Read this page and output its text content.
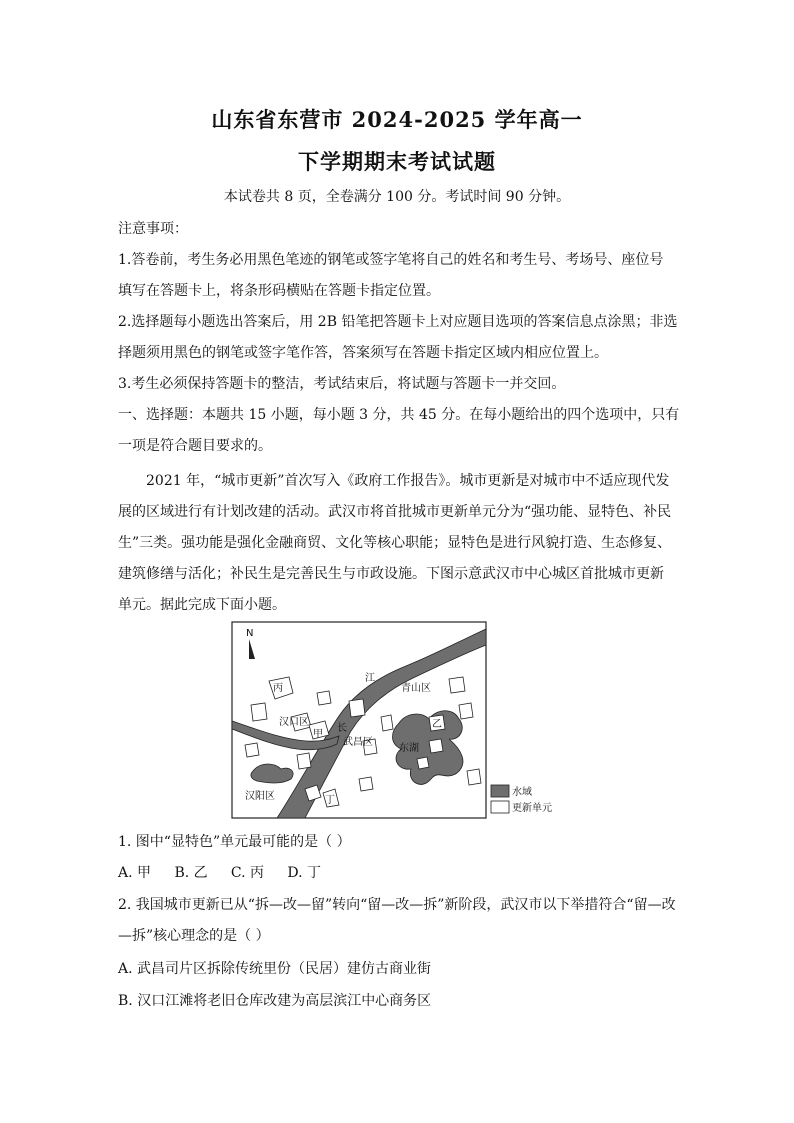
山东省东营市 2024-2025 学年高一
下学期期末考试试题
本试卷共 8 页，全卷满分 100 分。考试时间 90 分钟。
注意事项：
1.答卷前，考生务必用黑色笔迹的钢笔或签字笔将自己的姓名和考生号、考场号、座位号
填写在答题卡上，将条形码横贴在答题卡指定位置。
2.选择题每小题选出答案后，用 2B 铅笔把答题卡上对应题目选项的答案信息点涂黑；非选
择题须用黑色的钢笔或签字笔作答，答案须写在答题卡指定区域内相应位置上。
3.考生必须保持答题卡的整洁，考试结束后，将试题与答题卡一并交回。
一、选择题：本题共 15 小题，每小题 3 分，共 45 分。在每小题给出的四个选项中，只有
一项是符合题目要求的。
2021 年，“城市更新”首次写入《政府工作报告》。城市更新是对城市中不适应现代发
展的区域进行有计划改建的活动。武汉市将首批城市更新单元分为“强功能、显特色、补民
生”三类。强功能是强化金融商贸、文化等核心职能；显特色是进行风貌打造、生态修复、
建筑修缮与活化；补民生是完善民生与市政设施。下图示意武汉市中心城区首批城市更新
单元。据此完成下面小题。
N
江
长
青山区
汉口区
武昌区
汉阳区
东湖
甲
乙
丙
丁
水域
更新单元
1. 图中“显特色”单元最可能的是（ ）
A. 甲 B. 乙 C. 丙 D. 丁
2. 我国城市更新已从“拆—改—留”转向“留—改—拆”新阶段，武汉市以下举措符合“留—改
—拆”核心理念的是（ ）
A. 武昌司片区拆除传统里份（民居）建仿古商业街
B. 汉口江滩将老旧仓库改建为高层滨江中心商务区
